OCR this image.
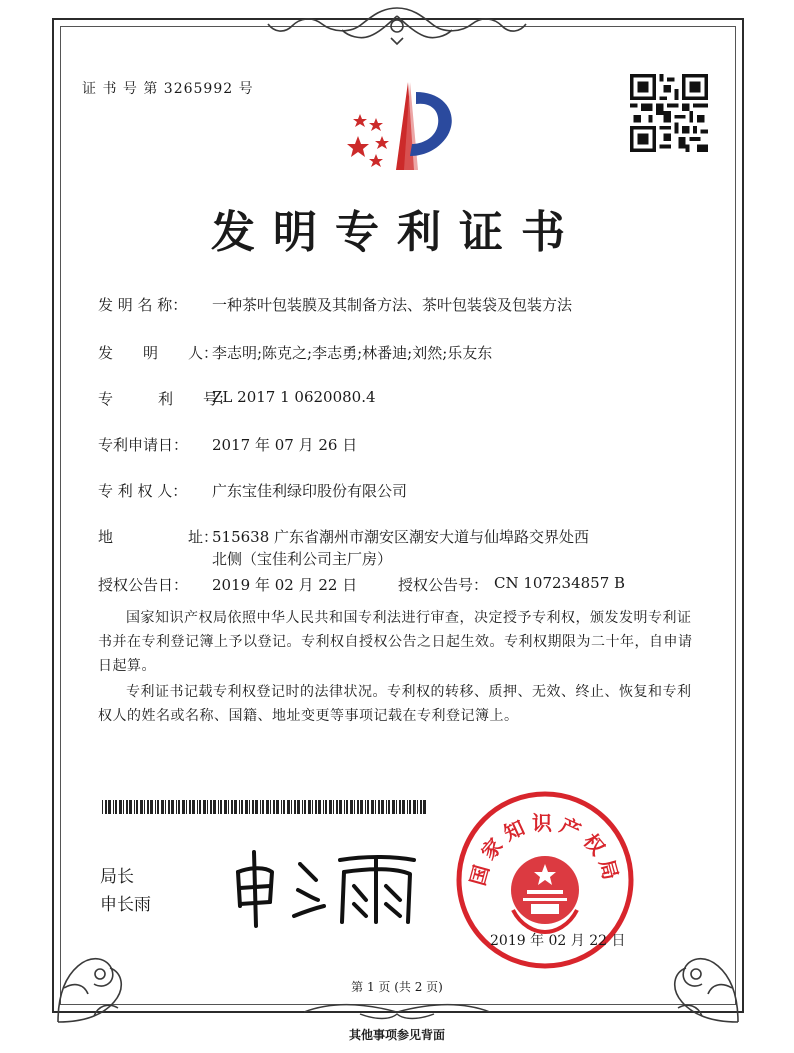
证 书 号 第 3265992 号
发明专利证书
发 明 名 称： 一种茶叶包装膜及其制备方法、茶叶包装袋及包装方法
发　　明　　人：
李志明;陈克之;李志勇;林番迪;刘然;乐友东
专　　　利　　号：
ZL 2017 1 0620080.4
专利申请日： 2017 年 07 月 26 日
专 利 权 人： 广东宝佳利绿印股份有限公司
地　　　　　址：
515638 广东省潮州市潮安区潮安大道与仙埠路交界处西
北侧（宝佳利公司主厂房）
授权公告日： 2019 年 02 月 22 日	授权公告号： CN 107234857 B
国家知识产权局依照中华人民共和国专利法进行审查，决定授予专利权，颁发发明专利证书并在专利登记簿上予以登记。专利权自授权公告之日起生效。专利权期限为二十年，自申请日起算。
专利证书记载专利权登记时的法律状况。专利权的转移、质押、无效、终止、恢复和专利权人的姓名或名称、国籍、地址变更等事项记载在专利登记簿上。
局长
申长雨
国家知识产权局
2019 年 02 月 22 日
第 1 页 (共 2 页)
其他事项参见背面
